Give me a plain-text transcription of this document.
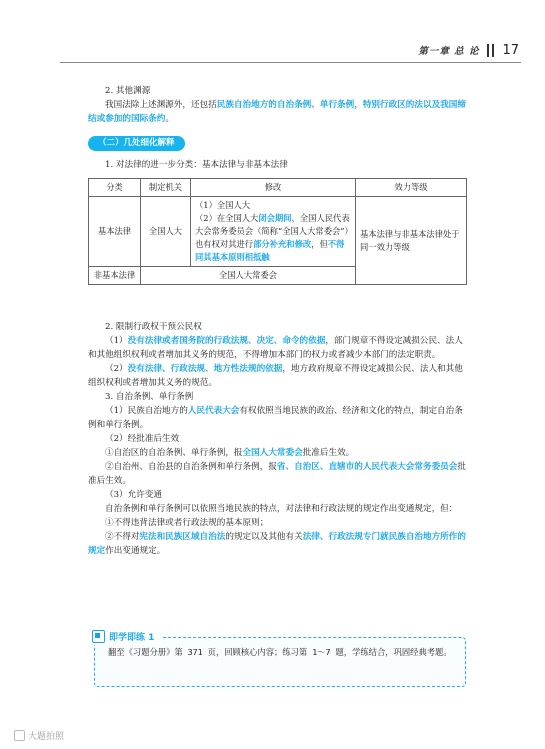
第一章 总 论 17

2. 其他渊源

我国法除上述渊源外，还包括民族自治地方的自治条例、单行条例，特别行政区的法以及我国缔结或参加的国际条约。

（二）几处细化解释

1. 对法律的进一步分类：基本法律与非基本法律

分类	制定机关	修改	效力等级
基本法律	全国人大	（1）全国人大
（2）在全国人大闭会期间，全国人民代表大会常务委员会（简称“全国人大常委会”）也有权对其进行部分补充和修改，但不得同其基本原则相抵触	基本法律与非基本法律处于同一效力等级
非基本法律	全国人大常委会		

2. 限制行政权干预公民权

（1）没有法律或者国务院的行政法规、决定、命令的依据，部门规章不得设定减损公民、法人和其他组织权利或者增加其义务的规范，不得增加本部门的权力或者减少本部门的法定职责。

（2）没有法律、行政法规、地方性法规的依据，地方政府规章不得设定减损公民、法人和其他组织权利或者增加其义务的规范。

3. 自治条例、单行条例

（1）民族自治地方的人民代表大会有权依照当地民族的政治、经济和文化的特点，制定自治条例和单行条例。

（2）经批准后生效

①自治区的自治条例、单行条例，报全国人大常委会批准后生效。

②自治州、自治县的自治条例和单行条例，报省、自治区、直辖市的人民代表大会常务委员会批准后生效。

（3）允许变通

自治条例和单行条例可以依照当地民族的特点，对法律和行政法规的规定作出变通规定，但：

①不得违背法律或者行政法规的基本原则；

②不得对宪法和民族区域自治法的规定以及其他有关法律、行政法规专门就民族自治地方所作的规定作出变通规定。

即学即练 1
翻至《习题分册》第 371 页，回顾核心内容；练习第 1～7 题，学练结合，巩固经典考题。
大题拍照
